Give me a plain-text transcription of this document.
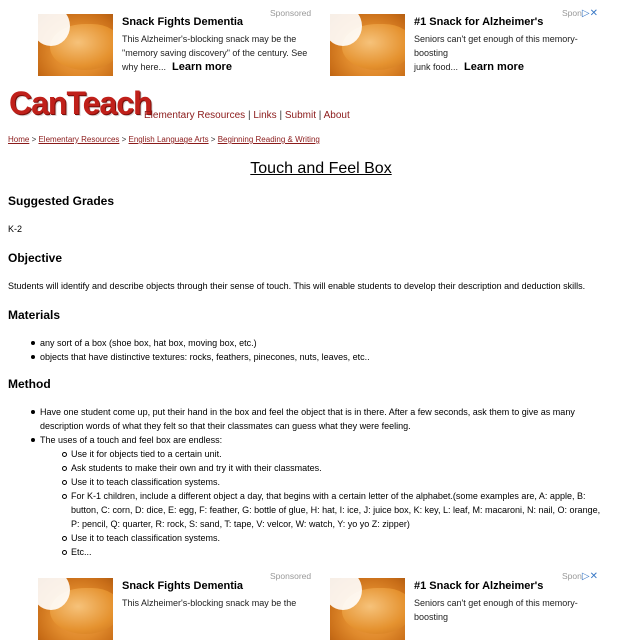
Snack Fights Dementia
This Alzheimer's-blocking snack may be the
"memory saving discovery" of the century. See
why here... Learn more
Sponsored
#1 Snack for Alzheimer's
Seniors can't get enough of this memory-boosting
junk food... Learn more
Spon▷✕
CanTeach
Elementary Resources | Links | Submit | About
Home > Elementary Resources > English Language Arts > Beginning Reading & Writing
Touch and Feel Box
Suggested Grades
K-2
Objective
Students will identify and describe objects through their sense of touch. This will enable students to develop their description and deduction skills.
Materials
any sort of a box (shoe box, hat box, moving box, etc.)
objects that have distinctive textures: rocks, feathers, pinecones, nuts, leaves, etc..
Method
Have one student come up, put their hand in the box and feel the object that is in there. After a few seconds, ask them to give as many
description words of what they felt so that their classmates can guess what they were feeling.
The uses of a touch and feel box are endless:
Use it for objects tied to a certain unit.
Ask students to make their own and try it with their classmates.
Use it to teach classification systems.
For K-1 children, include a different object a day, that begins with a certain letter of the alphabet.(some examples are, A: apple, B:
button, C: corn, D: dice, E: egg, F: feather, G: bottle of glue, H: hat, I: ice, J: juice box, K: key, L: leaf, M: macaroni, N: nail, O: orange,
P: pencil, Q: quarter, R: rock, S: sand, T: tape, V: velcor, W: watch, Y: yo yo Z: zipper)
Use it to teach classification systems.
Etc...
Sponsored
Snack Fights Dementia
This Alzheimer's-blocking snack may be the
Spon▷✕
#1 Snack for Alzheimer's
Seniors can't get enough of this memory-boosting
